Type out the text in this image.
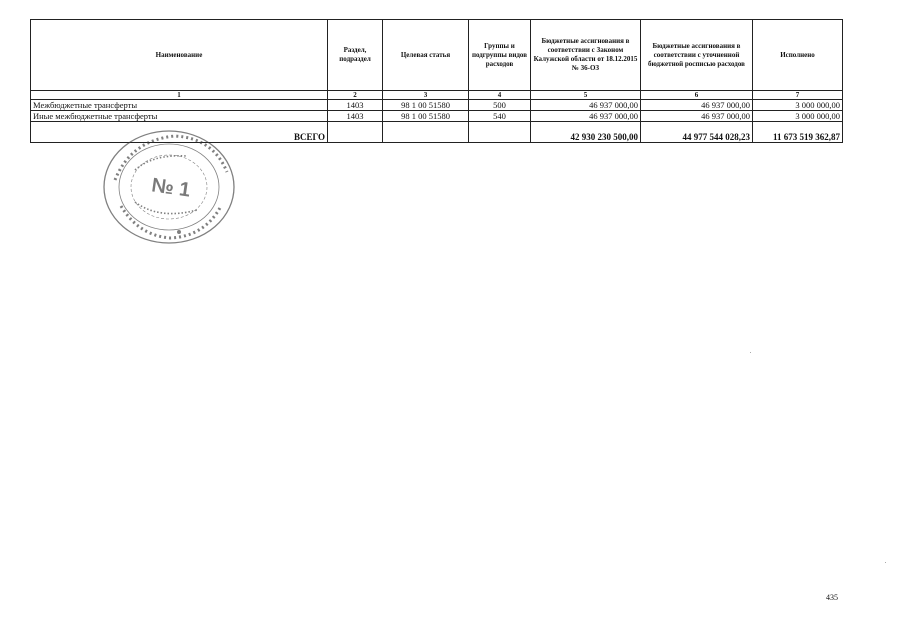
Наименование	Раздел, подраздел	Целевая статья	Группы и подгруппы видов расходов	Бюджетные ассигнования в соответствии с Законом Калужской области от 18.12.2015 № 36-ОЗ	Бюджетные ассигнования в соответствии с уточненной бюджетной росписью расходов	Исполнено
1	2	3	4	5	6	7
Межбюджетные трансферты	1403	98 1 00 51580	500	46 937 000,00	46 937 000,00	3 000 000,00
Иные межбюджетные трансферты	1403	98 1 00 51580	540	46 937 000,00	46 937 000,00	3 000 000,00
ВСЕГО				42 930 230 500,00	44 977 544 028,23	11 673 519 362,87
№ 1
435
